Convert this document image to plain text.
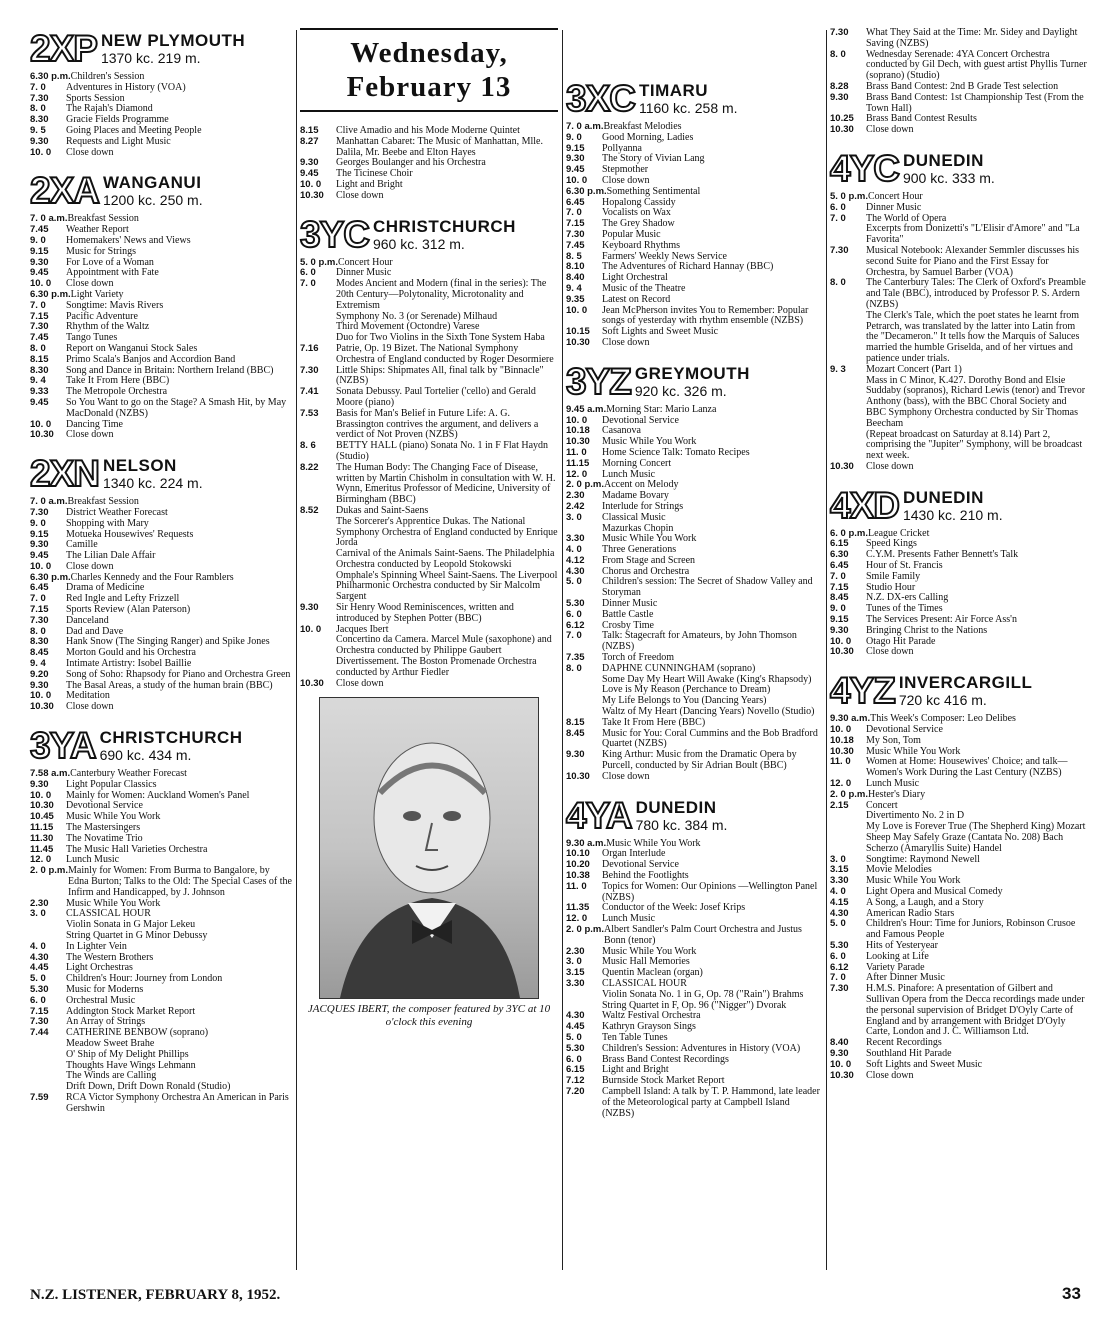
2XP NEW PLYMOUTH
1370 kc. 219 m.
6.30 p.m. Children's Session
7. 0	Adventures in History (VOA)
7.30	Sports Session
8. 0	The Rajah's Diamond
8.30	Gracie Fields Programme
9. 5	Going Places and Meeting People
9.30	Requests and Light Music
10. 0	Close down
2XA WANGANUI
1200 kc. 250 m.
7. 0 a.m. Breakfast Session
7.45	Weather Report
9. 0	Homemakers' News and Views
9.15	Music for Strings
9.30	For Love of a Woman
9.45	Appointment with Fate
10. 0	Close down
6.30 p.m. Light Variety
7. 0	Songtime: Mavis Rivers
7.15	Pacific Adventure
7.30	Rhythm of the Waltz
7.45	Tango Tunes
8. 0	Report on Wanganui Stock Sales
8.15	Primo Scala's Banjos and Accordion Band
8.30	Song and Dance in Britain: Northern Ireland (BBC)
9. 4	Take It From Here (BBC)
9.33	The Metropole Orchestra
9.45	So You Want to go on the Stage? A Smash Hit, by May MacDonald (NZBS)
10. 0	Dancing Time
10.30	Close down
2XN NELSON
1340 kc. 224 m.
7. 0 a.m. Breakfast Session
7.30	District Weather Forecast
9. 0	Shopping with Mary
9.15	Motueka Housewives' Requests
9.30	Camille
9.45	The Lilian Dale Affair
10. 0	Close down
6.30 p.m. Charles Kennedy and the Four Ramblers
6.45	Drama of Medicine
7. 0	Red Ingle and Lefty Frizzell
7.15	Sports Review (Alan Paterson)
7.30	Danceland
8. 0	Dad and Dave
8.30	Hank Snow (The Singing Ranger) and Spike Jones
8.45	Morton Gould and his Orchestra
9. 4	Intimate Artistry: Isobel Baillie
9.20	Song of Soho: Rhapsody for Piano and Orchestra Green
9.30	The Basal Areas, a study of the human brain (BBC)
10. 0	Meditation
10.30	Close down
3YA CHRISTCHURCH
690 kc. 434 m.
7.58 a.m. Canterbury Weather Forecast
9.30	Light Popular Classics
10. 0	Mainly for Women: Auckland Women's Panel
10.30	Devotional Service
10.45	Music While You Work
11.15	The Mastersingers
11.30	The Novatime Trio
11.45	The Music Hall Varieties Orchestra
12. 0	Lunch Music
2. 0 p.m. Mainly for Women: From Burma to Bangalore, by Edna Burton; Talks to the Old: The Special Cases of the Infirm and Handicapped, by J. Johnson
2.30	Music While You Work
3. 0	CLASSICAL HOUR
Violin Sonata in G Major Lekeu
String Quartet in G Minor Debussy
4. 0	In Lighter Vein
4.30	The Western Brothers
4.45	Light Orchestras
5. 0	Children's Hour: Journey from London
5.30	Music for Moderns
6. 0	Orchestral Music
7.15	Addington Stock Market Report
7.30	An Array of Strings
7.44	CATHERINE BENBOW (soprano)
Meadow Sweet Brahe
O' Ship of My Delight Phillips
Thoughts Have Wings Lehmann
The Winds are Calling
Drift Down, Drift Down Ronald (Studio)
7.59	RCA Victor Symphony Orchestra An American in Paris Gershwin
Wednesday, February 13
8.15	Clive Amadio and his Mode Moderne Quintet
8.27	Manhattan Cabaret: The Music of Manhattan, Mlle. Dalila, Mr. Beebe and Elton Hayes
9.30	Georges Boulanger and his Orchestra
9.45	The Ticinese Choir
10. 0	Light and Bright
10.30	Close down
3YC CHRISTCHURCH
960 kc. 312 m.
5. 0 p.m. Concert Hour
6. 0	Dinner Music
7. 0	Modes Ancient and Modern (final in the series): The 20th Century—Polytonality, Microtonality and Extremism
Symphony No. 3 (or Serenade) Milhaud
Third Movement (Octondre) Varese
Duo for Two Violins in the Sixth Tone System Haba
7.16	Patrie, Op. 19 Bizet. The National Symphony Orchestra of England conducted by Roger Desormiere
7.30	Little Ships: Shipmates All, final talk by "Binnacle" (NZBS)
7.41	Sonata Debussy. Paul Tortelier ('cello) and Gerald Moore (piano)
7.53	Basis for Man's Belief in Future Life: A. G. Brassington contrives the argument, and delivers a verdict of Not Proven (NZBS)
8. 6	BETTY HALL (piano) Sonata No. 1 in F Flat Haydn (Studio)
8.22	The Human Body: The Changing Face of Disease, written by Martin Chisholm in consultation with W. H. Wynn, Emeritus Professor of Medicine, University of Birmingham (BBC)
8.52	Dukas and Saint-Saens
The Sorcerer's Apprentice Dukas. The National Symphony Orchestra of England conducted by Enrique Jorda
Carnival of the Animals Saint-Saens. The Philadelphia Orchestra conducted by Leopold Stokowski
Omphale's Spinning Wheel Saint-Saens. The Liverpool Philharmonic Orchestra conducted by Sir Malcolm Sargent
9.30	Sir Henry Wood Reminiscences, written and introduced by Stephen Potter (BBC)
10. 0	Jacques Ibert
Concertino da Camera. Marcel Mule (saxophone) and Orchestra conducted by Philippe Gaubert
Divertissement. The Boston Promenade Orchestra conducted by Arthur Fiedler
10.30	Close down
JACQUES IBERT, the composer featured by 3YC at 10 o'clock this evening
3XC TIMARU
1160 kc. 258 m.
7. 0 a.m. Breakfast Melodies
9. 0	Good Morning, Ladies
9.15	Pollyanna
9.30	The Story of Vivian Lang
9.45	Stepmother
10. 0	Close down
6.30 p.m. Something Sentimental
6.45	Hopalong Cassidy
7. 0	Vocalists on Wax
7.15	The Grey Shadow
7.30	Popular Music
7.45	Keyboard Rhythms
8. 5	Farmers' Weekly News Service
8.10	The Adventures of Richard Hannay (BBC)
8.40	Light Orchestral
9. 4	Music of the Theatre
9.35	Latest on Record
10. 0	Jean McPherson invites You to Remember: Popular songs of yesterday with rhythm ensemble (NZBS)
10.15	Soft Lights and Sweet Music
10.30	Close down
3YZ GREYMOUTH
920 kc. 326 m.
9.45 a.m. Morning Star: Mario Lanza
10. 0	Devotional Service
10.18	Casanova
10.30	Music While You Work
11. 0	Home Science Talk: Tomato Recipes
11.15	Morning Concert
12. 0	Lunch Music
2. 0 p.m. Accent on Melody
2.30	Madame Bovary
2.42	Interlude for Strings
3. 0	Classical Music
Mazurkas Chopin
3.30	Music While You Work
4. 0	Three Generations
4.12	From Stage and Screen
4.30	Chorus and Orchestra
5. 0	Children's session: The Secret of Shadow Valley and Storyman
5.30	Dinner Music
6. 0	Battle Castle
6.12	Crosby Time
7. 0	Talk: Stagecraft for Amateurs, by John Thomson (NZBS)
7.35	Torch of Freedom
8. 0	DAPHNE CUNNINGHAM (soprano)
Some Day My Heart Will Awake (King's Rhapsody)
Love is My Reason (Perchance to Dream)
My Life Belongs to You (Dancing Years)
Waltz of My Heart (Dancing Years) Novello (Studio)
8.15	Take It From Here (BBC)
8.45	Music for You: Coral Cummins and the Bob Bradford Quartet (NZBS)
9.30	King Arthur: Music from the Dramatic Opera by Purcell, conducted by Sir Adrian Boult (BBC)
10.30	Close down
4YA DUNEDIN
780 kc. 384 m.
9.30 a.m. Music While You Work
10.10	Organ Interlude
10.20	Devotional Service
10.38	Behind the Footlights
11. 0	Topics for Women: Our Opinions —Wellington Panel (NZBS)
11.35	Conductor of the Week: Josef Krips
12. 0	Lunch Music
2. 0 p.m. Albert Sandler's Palm Court Orchestra and Justus Bonn (tenor)
2.30	Music While You Work
3. 0	Music Hall Memories
3.15	Quentin Maclean (organ)
3.30	CLASSICAL HOUR
Violin Sonata No. 1 in G, Op. 78 ("Rain") Brahms
String Quartet in F, Op. 96 ("Nigger") Dvorak
4.30	Waltz Festival Orchestra
4.45	Kathryn Grayson Sings
5. 0	Ten Table Tunes
5.30	Children's Session: Adventures in History (VOA)
6. 0	Brass Band Contest Recordings
6.15	Light and Bright
7.12	Burnside Stock Market Report
7.20	Campbell Island: A talk by T. P. Hammond, late leader of the Meteorological party at Campbell Island (NZBS)
7.30	What They Said at the Time: Mr. Sidey and Daylight Saving (NZBS)
8. 0	Wednesday Serenade: 4YA Concert Orchestra conducted by Gil Dech, with guest artist Phyllis Turner (soprano) (Studio)
8.28	Brass Band Contest: 2nd B Grade Test selection
9.30	Brass Band Contest: 1st Championship Test (From the Town Hall)
10.25	Brass Band Contest Results
10.30	Close down
4YC DUNEDIN
900 kc. 333 m.
5. 0 p.m. Concert Hour
6. 0	Dinner Music
7. 0	The World of Opera
Excerpts from Donizetti's "L'Elisir d'Amore" and "La Favorita"
7.30	Musical Notebook: Alexander Semmler discusses his second Suite for Piano and the First Essay for Orchestra, by Samuel Barber (VOA)
8. 0	The Canterbury Tales: The Clerk of Oxford's Preamble and Tale (BBC), introduced by Professor P. S. Ardern (NZBS)
The Clerk's Tale, which the poet states he learnt from Petrarch, was translated by the latter into Latin from the "Decameron." It tells how the Marquis of Saluces married the humble Griselda, and of her virtues and patience under trials.
9. 3	Mozart Concert (Part 1)
Mass in C Minor, K.427. Dorothy Bond and Elsie Suddaby (sopranos), Richard Lewis (tenor) and Trevor Anthony (bass), with the BBC Choral Society and BBC Symphony Orchestra conducted by Sir Thomas Beecham
(Repeat broadcast on Saturday at 8.14) Part 2, comprising the "Jupiter" Symphony, will be broadcast next week.
10.30	Close down
4XD DUNEDIN
1430 kc. 210 m.
6. 0 p.m. League Cricket
6.15	Speed Kings
6.30	C.Y.M. Presents Father Bennett's Talk
6.45	Hour of St. Francis
7. 0	Smile Family
7.15	Studio Hour
8.45	N.Z. DX-ers Calling
9. 0	Tunes of the Times
9.15	The Services Present: Air Force Ass'n
9.30	Bringing Christ to the Nations
10. 0	Otago Hit Parade
10.30	Close down
4YZ INVERCARGILL
720 kc 416 m.
9.30 a.m. This Week's Composer: Leo Delibes
10. 0	Devotional Service
10.18	My Son, Tom
10.30	Music While You Work
11. 0	Women at Home: Housewives' Choice; and talk—Women's Work During the Last Century (NZBS)
12. 0	Lunch Music
2. 0 p.m. Hester's Diary
2.15	Concert
Divertimento No. 2 in D
My Love is Forever True (The Shepherd King) Mozart
Sheep May Safely Graze (Cantata No. 208) Bach
Scherzo (Amaryllis Suite) Handel
3. 0	Songtime: Raymond Newell
3.15	Movie Melodies
3.30	Music While You Work
4. 0	Light Opera and Musical Comedy
4.15	A Song, a Laugh, and a Story
4.30	American Radio Stars
5. 0	Children's Hour: Time for Juniors, Robinson Crusoe and Famous People
5.30	Hits of Yesteryear
6. 0	Looking at Life
6.12	Variety Parade
7. 0	After Dinner Music
7.30	H.M.S. Pinafore: A presentation of Gilbert and Sullivan Opera from the Decca recordings made under the personal supervision of Bridget D'Oyly Carte of England and by arrangement with Bridget D'Oyly Carte, London and J. C. Williamson Ltd.
8.40	Recent Recordings
9.30	Southland Hit Parade
10. 0	Soft Lights and Sweet Music
10.30	Close down
N.Z. LISTENER, FEBRUARY 8, 1952.	33
